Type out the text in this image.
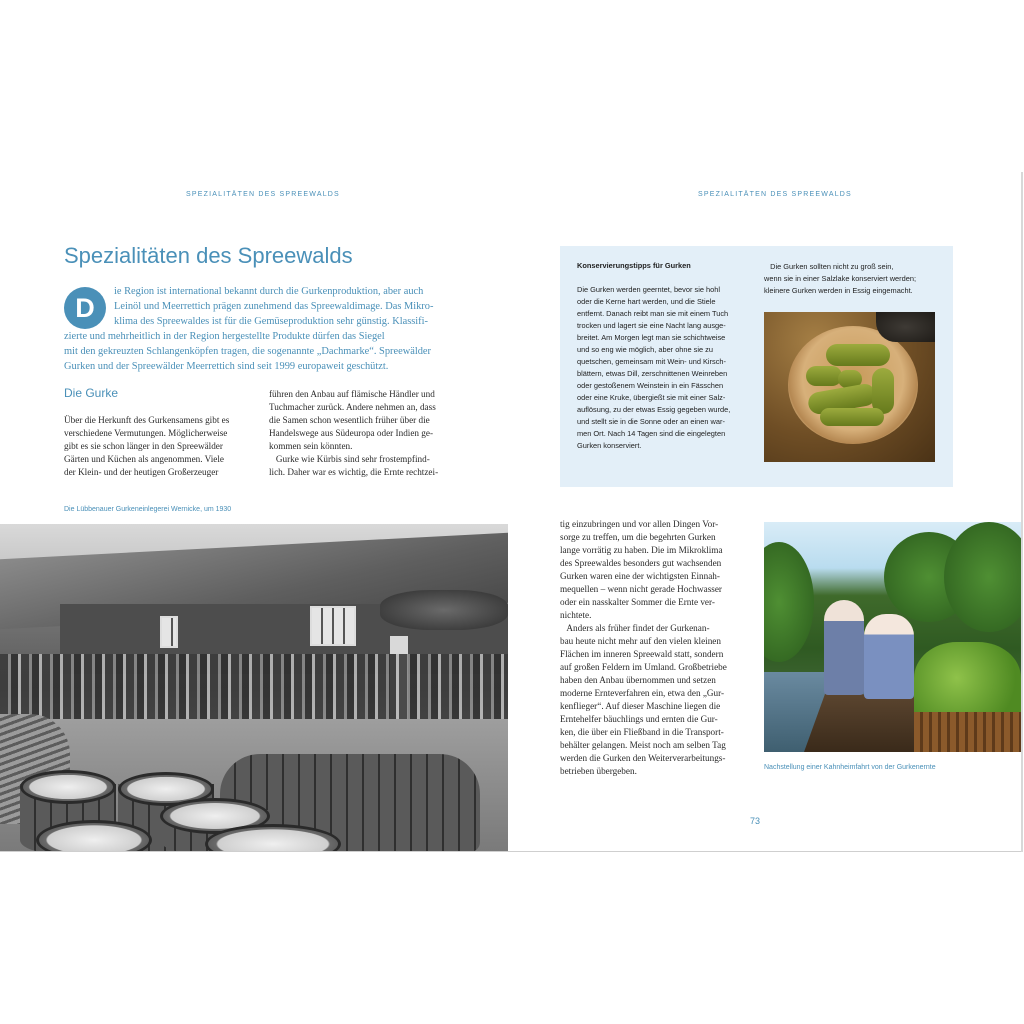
SPEZIALITÄTEN DES SPREEWALDS	SPEZIALITÄTEN DES SPREEWALDS
Spezialitäten des Spreewalds
D
ie Region ist international bekannt durch die Gurkenproduktion, aber auch
Leinöl und Meerrettich prägen zunehmend das Spreewaldimage. Das Mikro-
klima des Spreewaldes ist für die Gemüseproduktion sehr günstig. Klassifi-
zierte und mehrheitlich in der Region hergestellte Produkte dürfen das Siegel
mit den gekreuzten Schlangenköpfen tragen, die sogenannte „Dachmarke“. Spreewälder
Gurken und der Spreewälder Meerrettich sind seit 1999 europaweit geschützt.
Die Gurke
Über die Herkunft des Gurkensamens gibt es
verschiedene Vermutungen. Möglicherweise
gibt es sie schon länger in den Spreewälder
Gärten und Küchen als angenommen. Viele
der Klein- und der heutigen Großerzeuger
führen den Anbau auf flämische Händler und
Tuchmacher zurück. Andere nehmen an, dass
die Samen schon wesentlich früher über die
Handelswege aus Südeuropa oder Indien ge-
kommen sein könnten.
Gurke wie Kürbis sind sehr frostempfind-
lich. Daher war es wichtig, die Ernte rechtzei-
Die Lübbenauer Gurkeneinlegerei Wernicke, um 1930
Konservierungstipps für Gurken
Die Gurken werden geerntet, bevor sie hohl
oder die Kerne hart werden, und die Stiele
entfernt. Danach reibt man sie mit einem Tuch
trocken und lagert sie eine Nacht lang ausge-
breitet. Am Morgen legt man sie schichtweise
und so eng wie möglich, aber ohne sie zu
quetschen, gemeinsam mit Wein- und Kirsch-
blättern, etwas Dill, zerschnittenen Weinreben
oder gestoßenem Weinstein in ein Fässchen
oder eine Kruke, übergießt sie mit einer Salz-
auflösung, zu der etwas Essig gegeben wurde,
und stellt sie in die Sonne oder an einen war-
men Ort. Nach 14 Tagen sind die eingelegten
Gurken konserviert.
Die Gurken sollten nicht zu groß sein,
wenn sie in einer Salzlake konserviert werden;
kleinere Gurken werden in Essig eingemacht.
tig einzubringen und vor allen Dingen Vor-
sorge zu treffen, um die begehrten Gurken
lange vorrätig zu haben. Die im Mikroklima
des Spreewaldes besonders gut wachsenden
Gurken waren eine der wichtigsten Einnah-
mequellen – wenn nicht gerade Hochwasser
oder ein nasskalter Sommer die Ernte ver-
nichtete.
Anders als früher findet der Gurkenan-
bau heute nicht mehr auf den vielen kleinen
Flächen im inneren Spreewald statt, sondern
auf großen Feldern im Umland. Großbetriebe
haben den Anbau übernommen und setzen
moderne Ernteverfahren ein, etwa den „Gur-
kenflieger“. Auf dieser Maschine liegen die
Erntehelfer bäuchlings und ernten die Gur-
ken, die über ein Fließband in die Transport-
behälter gelangen. Meist noch am selben Tag
werden die Gurken den Weiterverarbeitungs-
betrieben übergeben.	Nachstellung einer Kahnheimfahrt von der Gurkenernte
73
